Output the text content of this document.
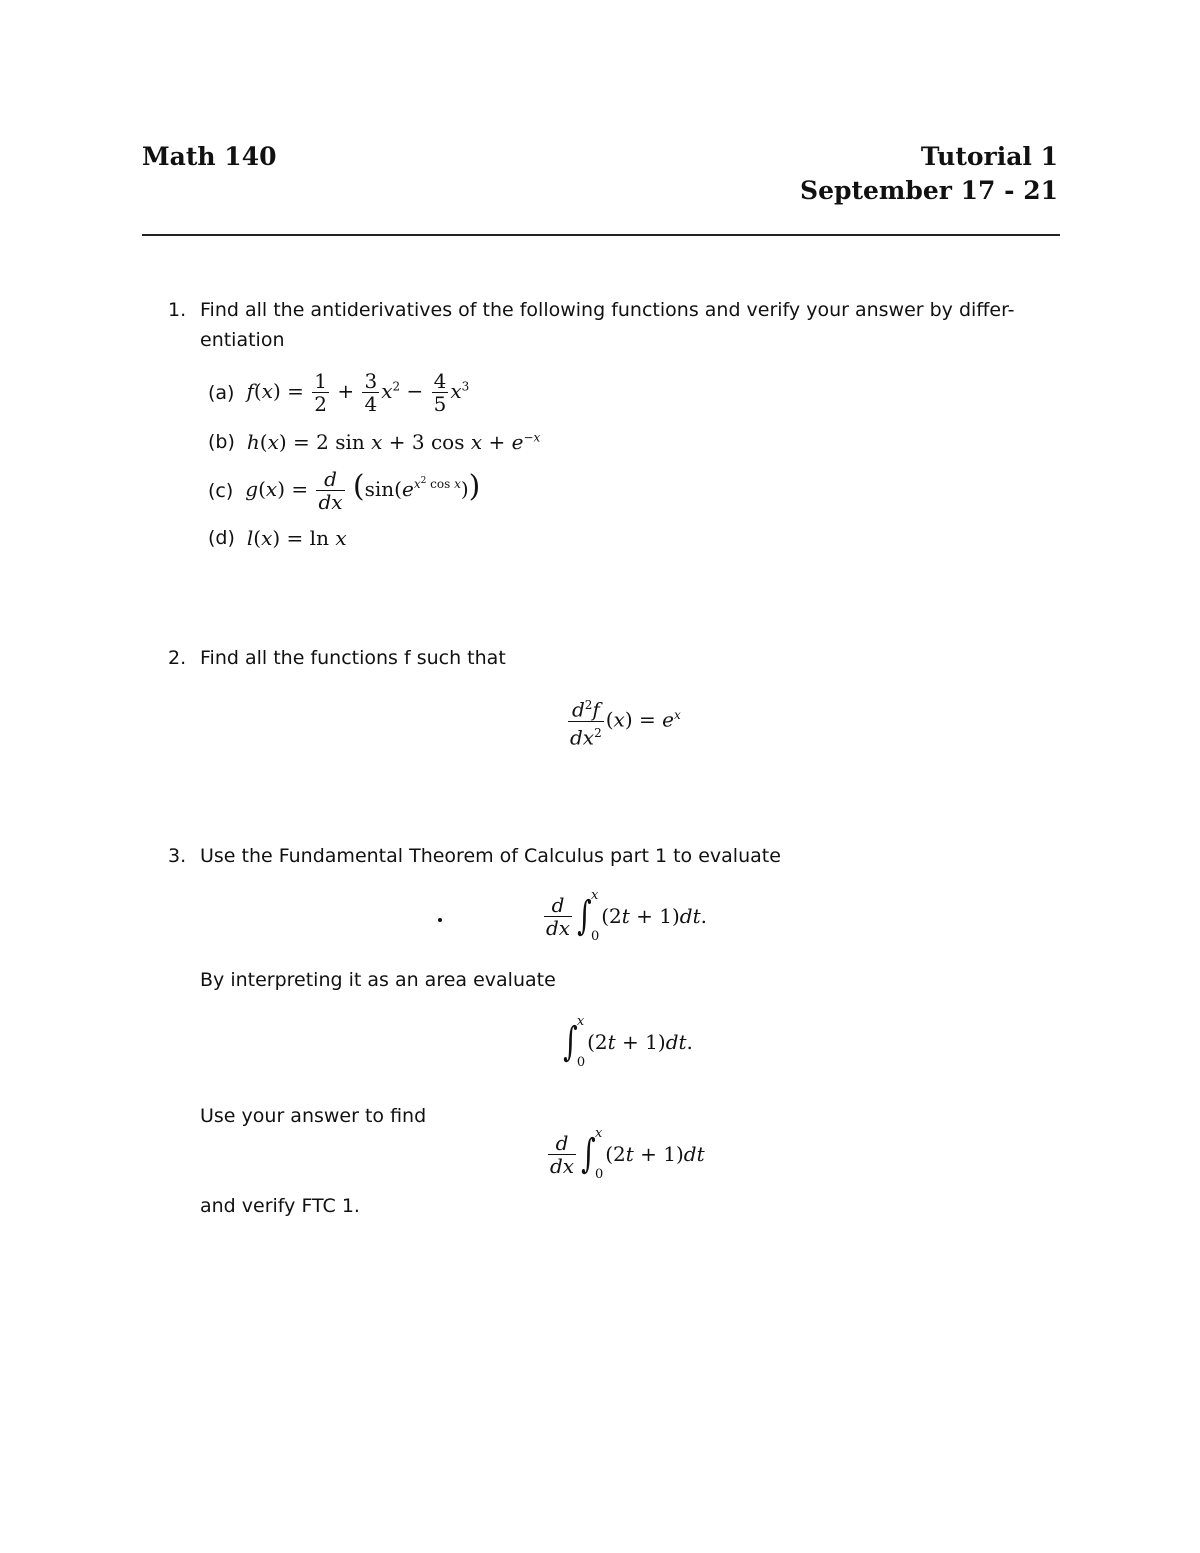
Math 140	Tutorial 1
September 17 - 21
1. Find all the antiderivatives of the following functions and verify your answer by differ-
entiation
(a) $f(x) = \frac{1}{2} + \frac{3}{4} x^2 - \frac{4}{5} x^3$
(b) h(x) = 2 sin x + 3 $\cos x + e^{-x}$
(c) $g(x) = \frac{d}{dx} (\sin(e^{x^2 cos x}))$
(d) l(x) = ln x
2. Find all the functions f such that
$\frac{d^2f}{dx^2} (x) = e^x$
3. Use the Fundamental Theorem of Calculus part 1 to evaluate
$\frac{d}{dx}$ ∫ x
0
(2t + 1)dt.
By interpreting it as an area evaluate
∫ x
0
(2t + 1)dt.
Use your answer to find
$\frac{d}{dx}$ ∫ x
0
(2t + 1)dt
and verify FTC 1.
